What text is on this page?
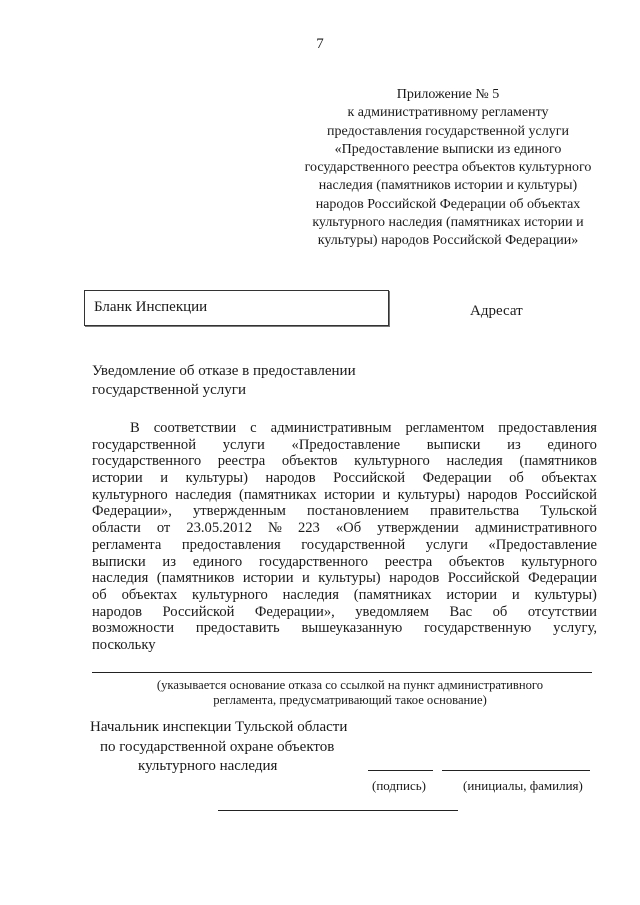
7
Приложение № 5
к административному регламенту
предоставления государственной услуги
«Предоставление выписки из единого
государственного реестра объектов культурного
наследия (памятников истории и культуры)
народов Российской Федерации об объектах
культурного наследия (памятниках истории и
культуры) народов Российской Федерации»
Бланк Инспекции	Адресат
Уведомление об отказе в предоставлении
государственной услуги
В соответствии с административным регламентом предоставления
государственной услуги «Предоставление выписки из единого
государственного реестра объектов культурного наследия (памятников
истории и культуры) народов Российской Федерации об объектах
культурного наследия (памятниках истории и культуры) народов Российской
Федерации», утвержденным постановлением правительства Тульской
области от 23.05.2012 № 223 «Об утверждении административного
регламента предоставления государственной услуги «Предоставление
выписки из единого государственного реестра объектов культурного
наследия (памятников истории и культуры) народов Российской Федерации
об объектах культурного наследия (памятниках истории и культуры)
народов Российской Федерации», уведомляем Вас об отсутствии
возможности предоставить вышеуказанную государственную услугу,
поскольку
(указывается основание отказа со ссылкой на пункт административного
регламента, предусматривающий такое основание)
Начальник инспекции Тульской области
по государственной охране объектов
культурного наследия
(подпись)	(инициалы, фамилия)
